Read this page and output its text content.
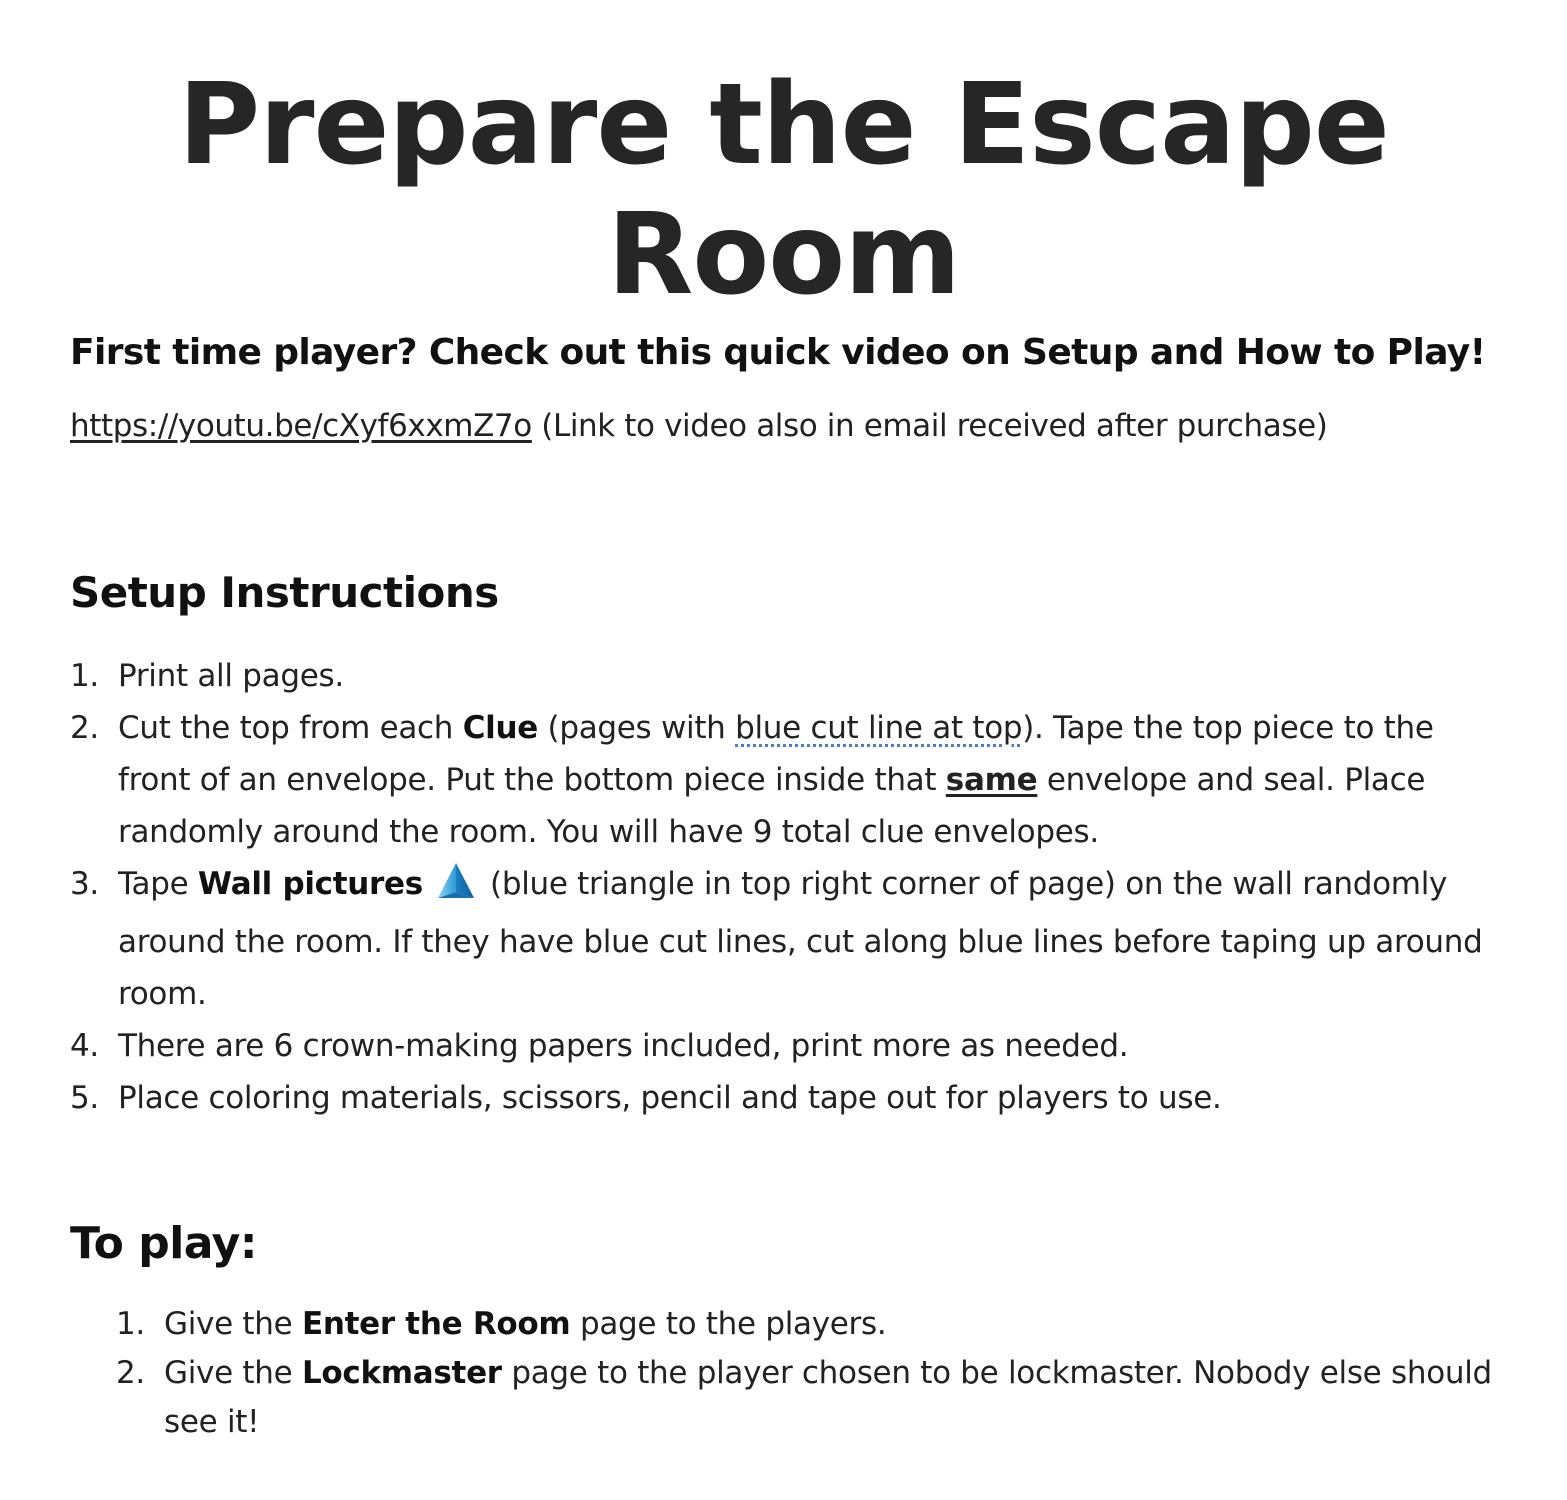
Prepare the Escape Room
First time player? Check out this quick video on Setup and How to Play!
https://youtu.be/cXyf6xxmZ7o (Link to video also in email received after purchase)
Setup Instructions
1. Print all pages.
2. Cut the top from each Clue (pages with blue cut line at top). Tape the top piece to the front of an envelope. Put the bottom piece inside that same envelope and seal. Place randomly around the room. You will have 9 total clue envelopes.
3. Tape Wall pictures  (blue triangle in top right corner of page) on the wall randomly around the room. If they have blue cut lines, cut along blue lines before taping up around room.
4. There are 6 crown-making papers included, print more as needed.
5. Place coloring materials, scissors, pencil and tape out for players to use.
To play:
1. Give the Enter the Room page to the players.
2. Give the Lockmaster page to the player chosen to be lockmaster. Nobody else should see it!
